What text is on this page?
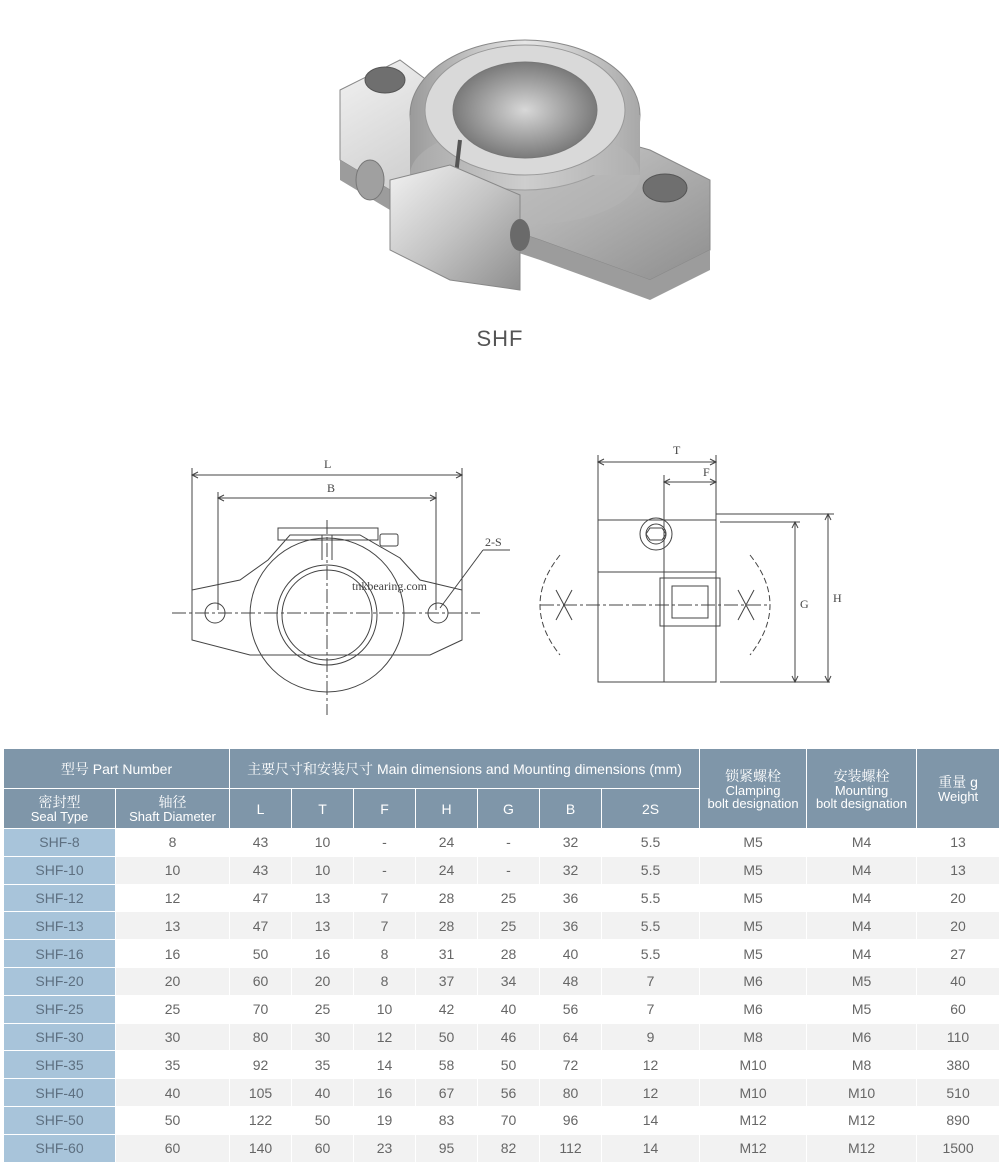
SHF
L
B
2-S
tnkbearing.com
T
F
G H
型号 Part Number		主要尺寸和安装尺寸 Main dimensions and Mounting dimensions (mm)							锁紧螺栓
Clamping
bolt designation	安装螺栓
Mounting
bolt designation	重量 g
Weight

密封型
Seal Type	轴径
Shaft Diameter	L	T	F	H	G	B	2S			
SHF-8	8	43	10	-	24	-	32	5.5	M5	M4	13
SHF-10	10	43	10	-	24	-	32	5.5	M5	M4	13
SHF-12	12	47	13	7	28	25	36	5.5	M5	M4	20
SHF-13	13	47	13	7	28	25	36	5.5	M5	M4	20
SHF-16	16	50	16	8	31	28	40	5.5	M5	M4	27
SHF-20	20	60	20	8	37	34	48	7	M6	M5	40
SHF-25	25	70	25	10	42	40	56	7	M6	M5	60
SHF-30	30	80	30	12	50	46	64	9	M8	M6	110
SHF-35	35	92	35	14	58	50	72	12	M10	M8	380
SHF-40	40	105	40	16	67	56	80	12	M10	M10	510
SHF-50	50	122	50	19	83	70	96	14	M12	M12	890
SHF-60	60	140	60	23	95	82	112	14	M12	M12	1500
